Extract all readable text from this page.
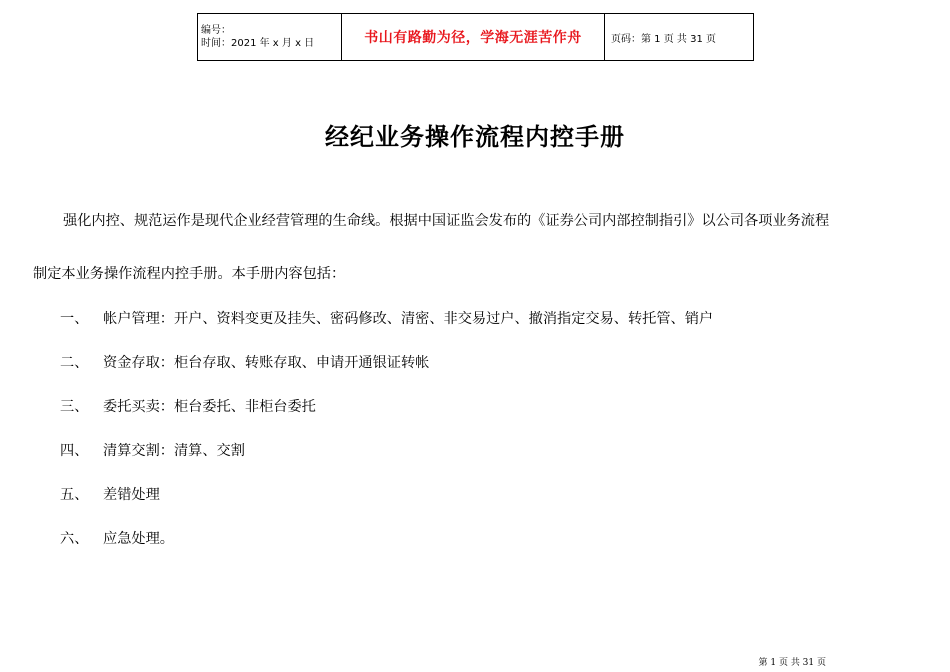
编号：
时间：2021 年 x 月 x 日	书山有路勤为径，学海无涯苦作舟	页码：第 1 页 共 31 页
经纪业务操作流程内控手册

强化内控、规范运作是现代企业经营管理的生命线。根据中国证监会发布的《证券公司内部控制指引》以公司各项业务流程

制定本业务操作流程内控手册。本手册内容包括：

一、 帐户管理：开户、资料变更及挂失、密码修改、清密、非交易过户、撤消指定交易、转托管、销户
二、 资金存取：柜台存取、转账存取、申请开通银证转帐
三、 委托买卖：柜台委托、非柜台委托
四、 清算交割：清算、交割
五、 差错处理
六、 应急处理。
第 1 页 共 31 页
